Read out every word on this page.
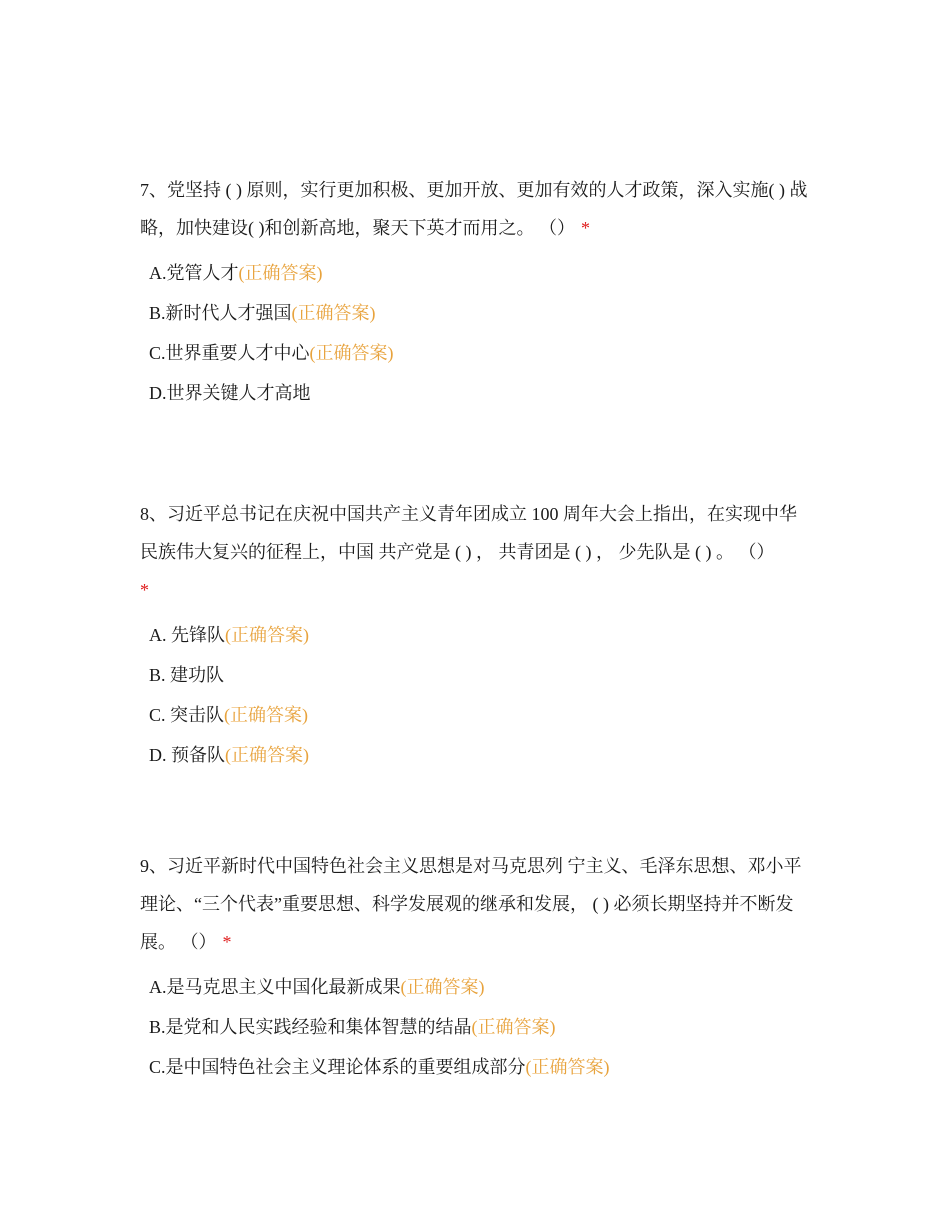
7、党坚持 ( ) 原则，实行更加积极、更加开放、更加有效的人才政策，深入实施( ) 战略，加快建设( )和创新高地，聚天下英才而用之。 （） *

A.党管人才(正确答案)
B.新时代人才强国(正确答案)
C.世界重要人才中心(正确答案)
D.世界关键人才高地

8、习近平总书记在庆祝中国共产主义青年团成立 100 周年大会上指出，在实现中华民族伟大复兴的征程上，中国 共产党是 ( ) ， 共青团是 ( ) ， 少先队是 ( ) 。 （）
*

A. 先锋队(正确答案)
B. 建功队
C. 突击队(正确答案)
D. 预备队(正确答案)

9、习近平新时代中国特色社会主义思想是对马克思列 宁主义、毛泽东思想、邓小平理论、“三个代表”重要思想、科学发展观的继承和发展， ( ) 必须长期坚持并不断发展。 （） *

A.是马克思主义中国化最新成果(正确答案)
B.是党和人民实践经验和集体智慧的结晶(正确答案)
C.是中国特色社会主义理论体系的重要组成部分(正确答案)
